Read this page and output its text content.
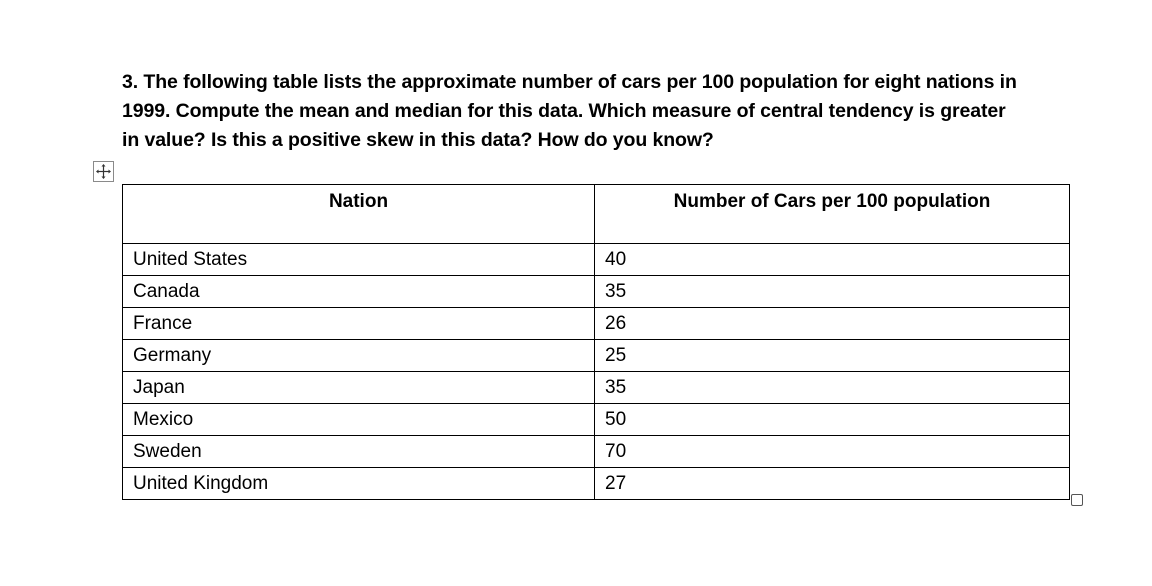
3. The following table lists the approximate number of cars per 100 population for eight nations in 1999. Compute the mean and median for this data. Which measure of central tendency is greater in value? Is this a positive skew in this data? How do you know?
Nation	Number of Cars per 100 population
United States	40
Canada	35
France	26
Germany	25
Japan	35
Mexico	50
Sweden	70
United Kingdom	27
